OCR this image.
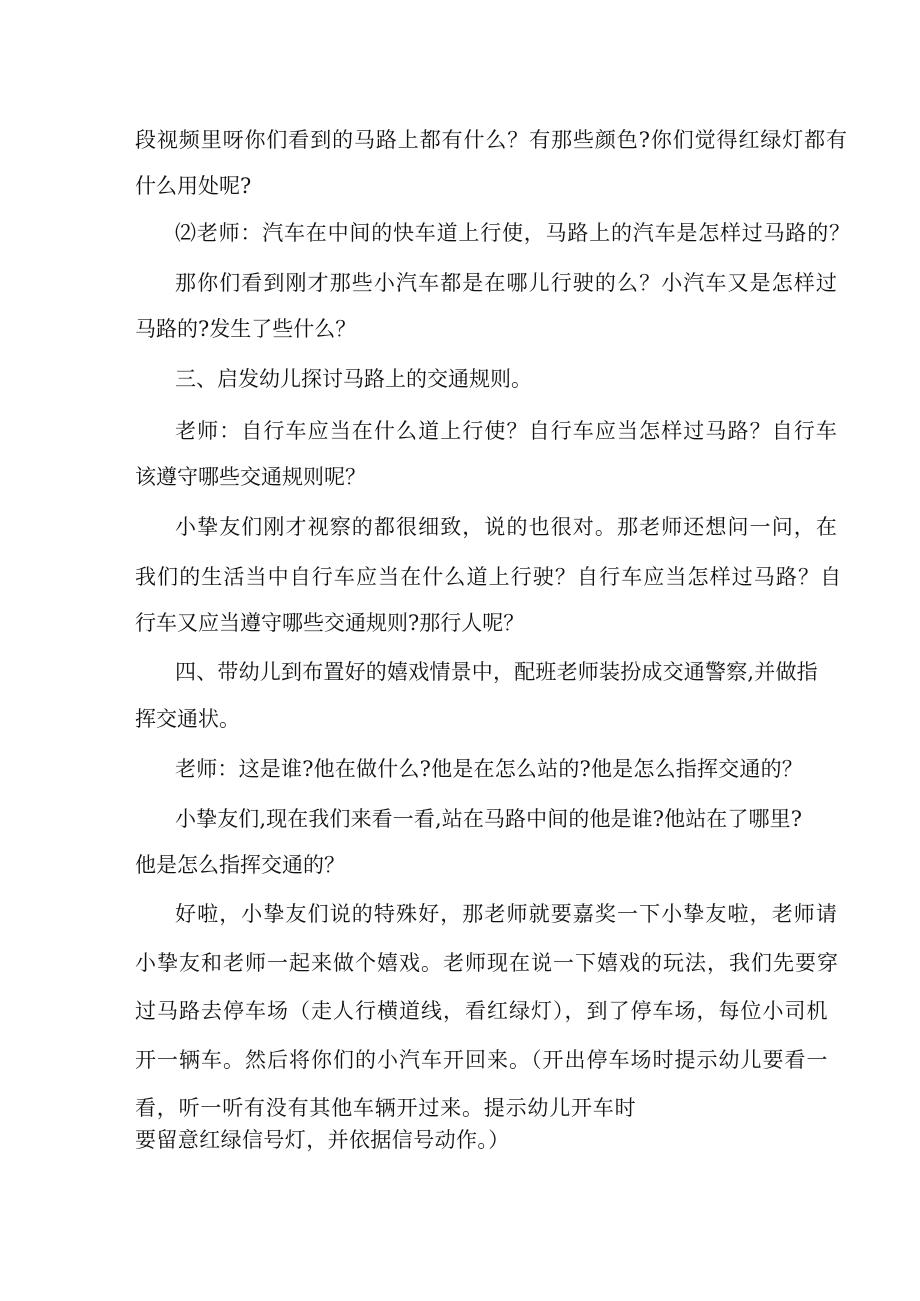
段视频里呀你们看到的马路上都有什么？有那些颜色?你们觉得红绿灯都有

什么用处呢?

⑵老师：汽车在中间的快车道上行使，马路上的汽车是怎样过马路的？

那你们看到刚才那些小汽车都是在哪儿行驶的么？小汽车又是怎样过

马路的?发生了些什么？

三、启发幼儿探讨马路上的交通规则。

老师：自行车应当在什么道上行使？自行车应当怎样过马路？自行车

该遵守哪些交通规则呢？

小挚友们刚才视察的都很细致，说的也很对。那老师还想问一问，在

我们的生活当中自行车应当在什么道上行驶？自行车应当怎样过马路？自

行车又应当遵守哪些交通规则?那行人呢？

四、带幼儿到布置好的嬉戏情景中，配班老师装扮成交通警察,并做指

挥交通状。

老师：这是谁?他在做什么?他是在怎么站的?他是怎么指挥交通的？

小挚友们,现在我们来看一看,站在马路中间的他是谁?他站在了哪里?

他是怎么指挥交通的？

好啦，小挚友们说的特殊好，那老师就要嘉奖一下小挚友啦，老师请

小挚友和老师一起来做个嬉戏。老师现在说一下嬉戏的玩法，我们先要穿

过马路去停车场（走人行横道线，看红绿灯），到了停车场，每位小司机

开一辆车。然后将你们的小汽车开回来。（开出停车场时提示幼儿要看一

看，听一听有没有其他车辆开过来。提示幼儿开车时

要留意红绿信号灯，并依据信号动作。）
